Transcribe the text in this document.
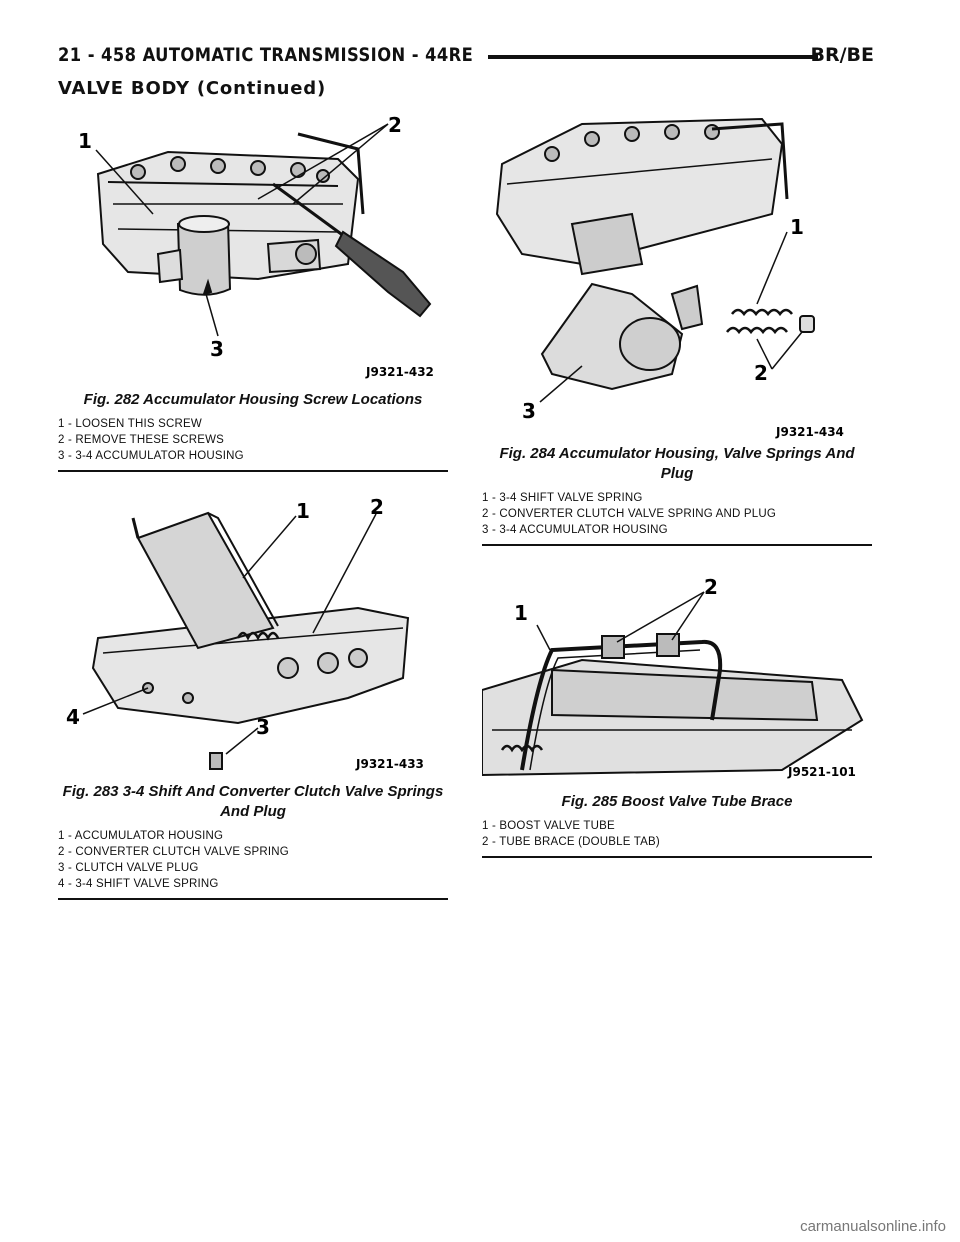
21 - 458 AUTOMATIC TRANSMISSION - 44RE	BR/BE
VALVE BODY (Continued)
1
2
3
J9321-432
Fig. 282 Accumulator Housing Screw Locations
1 - LOOSEN THIS SCREW
2 - REMOVE THESE SCREWS
3 - 3-4 ACCUMULATOR HOUSING
1	2
3
4
J9321-433
Fig. 283 3-4 Shift And Converter Clutch Valve Springs And Plug
1 - ACCUMULATOR HOUSING
2 - CONVERTER CLUTCH VALVE SPRING
3 - CLUTCH VALVE PLUG
4 - 3-4 SHIFT VALVE SPRING
1
2
3
J9321-434
Fig. 284 Accumulator Housing, Valve Springs And Plug
1 - 3-4 SHIFT VALVE SPRING
2 - CONVERTER CLUTCH VALVE SPRING AND PLUG
3 - 3-4 ACCUMULATOR HOUSING
1
2
J9521-101
Fig. 285 Boost Valve Tube Brace
1 - BOOST VALVE TUBE
2 - TUBE BRACE (DOUBLE TAB)
carmanualsonline.info
